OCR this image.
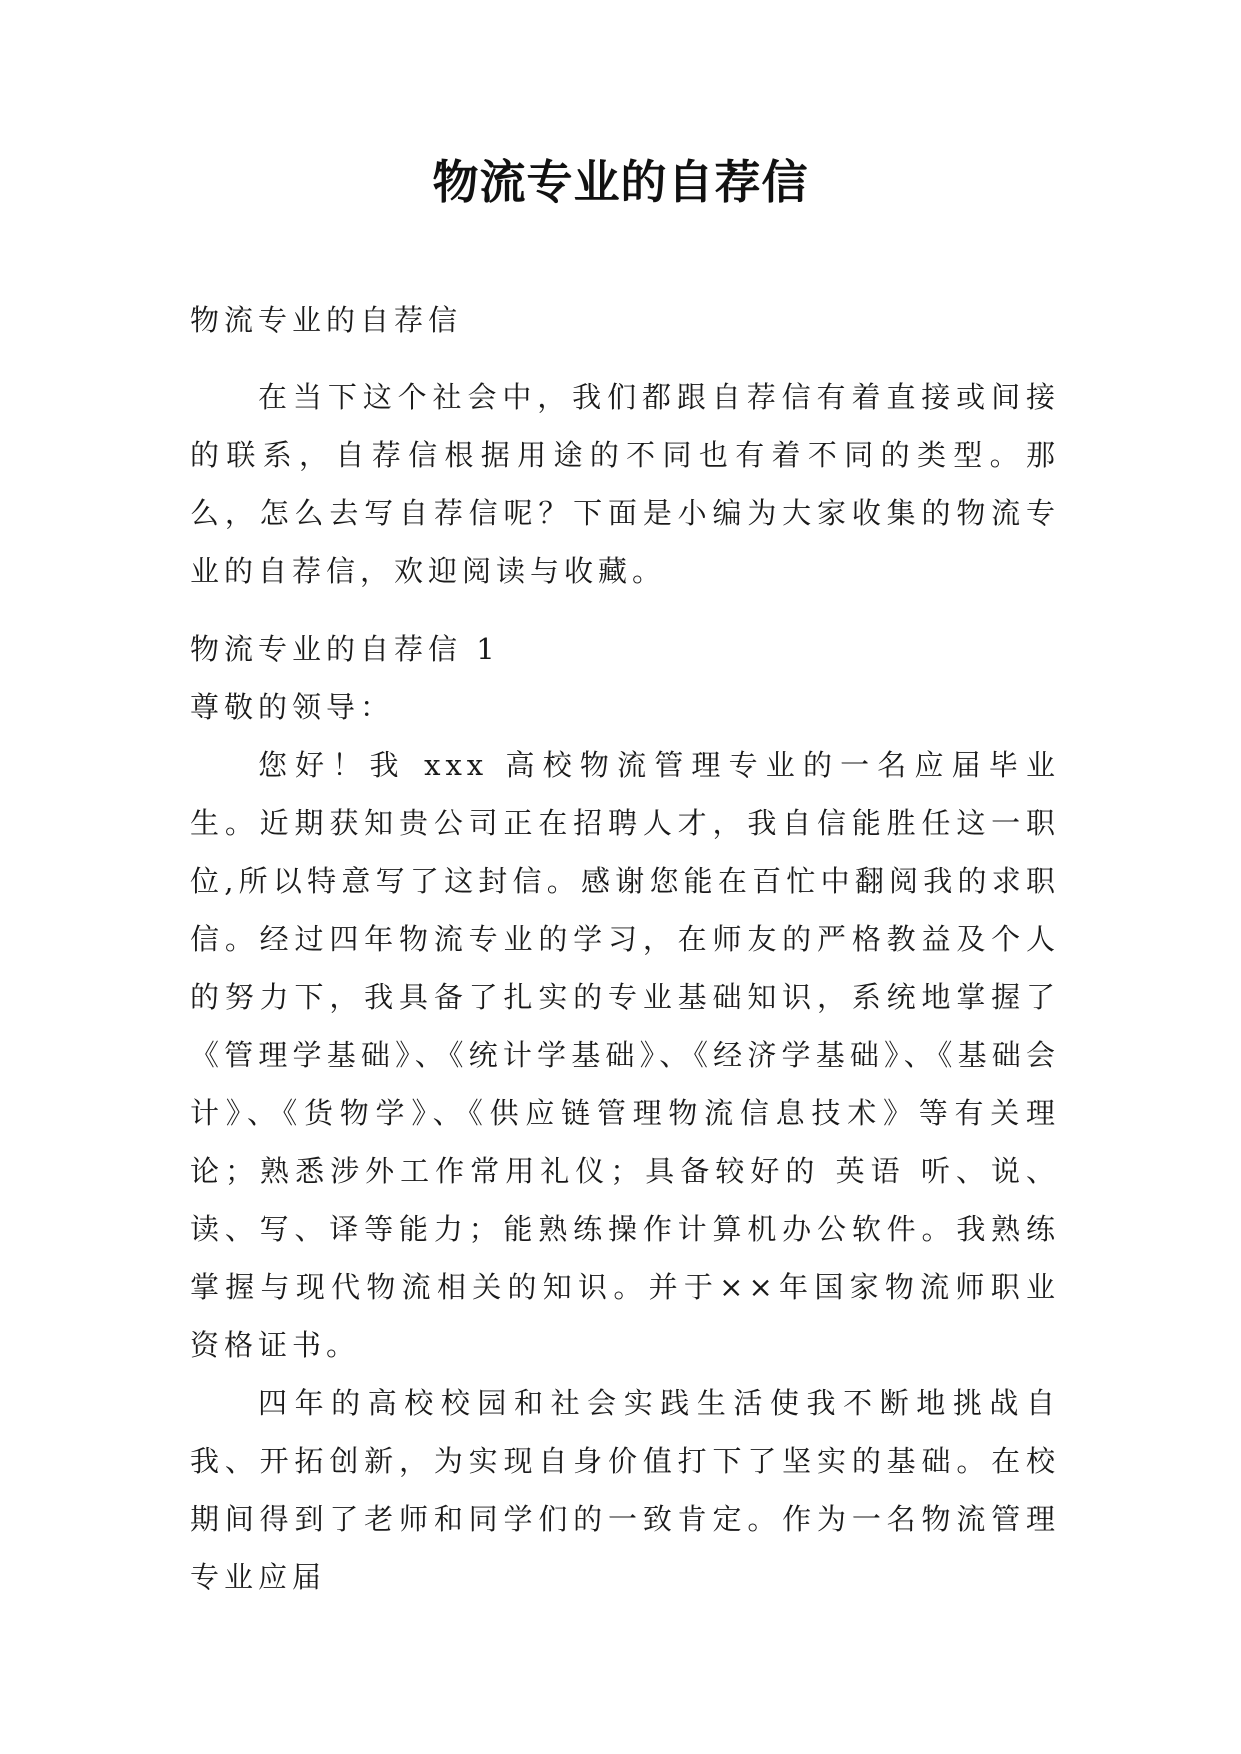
物流专业的自荐信

物流专业的自荐信

在当下这个社会中，我们都跟自荐信有着直接或间接的联系，自荐信根据用途的不同也有着不同的类型。那么，怎么去写自荐信呢？下面是小编为大家收集的物流专业的自荐信，欢迎阅读与收藏。

物流专业的自荐信 1

尊敬的领导：

您好！我 xxx 高校物流管理专业的一名应届毕业生。近期获知贵公司正在招聘人才，我自信能胜任这一职位,所以特意写了这封信。感谢您能在百忙中翻阅我的求职信。经过四年物流专业的学习，在师友的严格教益及个人的努力下，我具备了扎实的专业基础知识，系统地掌握了《管理学基础》、《统计学基础》、《经济学基础》、《基础会计》、《货物学》、《供应链管理物流信息技术》等有关理论；熟悉涉外工作常用礼仪；具备较好的 英语 听、说、读、写、译等能力；能熟练操作计算机办公软件。我熟练掌握与现代物流相关的知识。并于××年国家物流师职业资格证书。

四年的高校校园和社会实践生活使我不断地挑战自我、开拓创新，为实现自身价值打下了坚实的基础。在校期间得到了老师和同学们的一致肯定。作为一名物流管理专业应届
